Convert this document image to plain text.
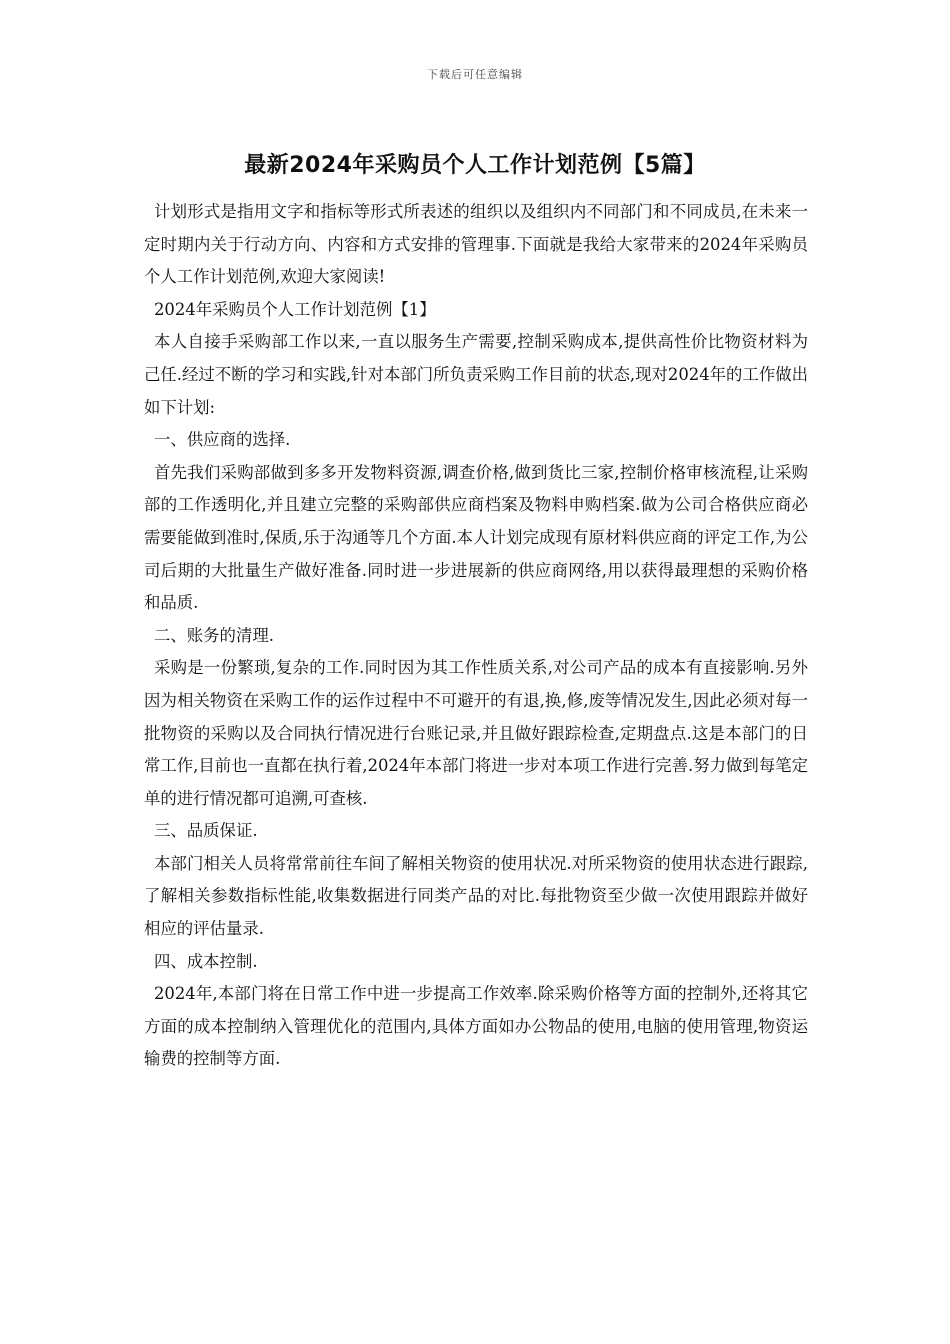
下载后可任意编辑
最新2024年采购员个人工作计划范例【5篇】

计划形式是指用文字和指标等形式所表述的组织以及组织内不同部门和不同成员,在未来一定时期内关于行动方向、内容和方式安排的管理事.下面就是我给大家带来的2024年采购员个人工作计划范例,欢迎大家阅读!

2024年采购员个人工作计划范例【1】

本人自接手采购部工作以来,一直以服务生产需要,控制采购成本,提供高性价比物资材料为己任.经过不断的学习和实践,针对本部门所负责采购工作目前的状态,现对2024年的工作做出如下计划:

一、供应商的选择.

首先我们采购部做到多多开发物料资源,调查价格,做到货比三家,控制价格审核流程,让采购部的工作透明化,并且建立完整的采购部供应商档案及物料申购档案.做为公司合格供应商必需要能做到准时,保质,乐于沟通等几个方面.本人计划完成现有原材料供应商的评定工作,为公司后期的大批量生产做好准备.同时进一步进展新的供应商网络,用以获得最理想的采购价格和品质.

二、账务的清理.

采购是一份繁琐,复杂的工作.同时因为其工作性质关系,对公司产品的成本有直接影响.另外因为相关物资在采购工作的运作过程中不可避开的有退,换,修,废等情况发生,因此必须对每一批物资的采购以及合同执行情况进行台账记录,并且做好跟踪检查,定期盘点.这是本部门的日常工作,目前也一直都在执行着,2024年本部门将进一步对本项工作进行完善.努力做到每笔定单的进行情况都可追溯,可查核.

三、品质保证.

本部门相关人员将常常前往车间了解相关物资的使用状况.对所采物资的使用状态进行跟踪,了解相关参数指标性能,收集数据进行同类产品的对比.每批物资至少做一次使用跟踪并做好相应的评估量录.

四、成本控制.

2024年,本部门将在日常工作中进一步提高工作效率.除采购价格等方面的控制外,还将其它方面的成本控制纳入管理优化的范围内,具体方面如办公物品的使用,电脑的使用管理,物资运输费的控制等方面.
